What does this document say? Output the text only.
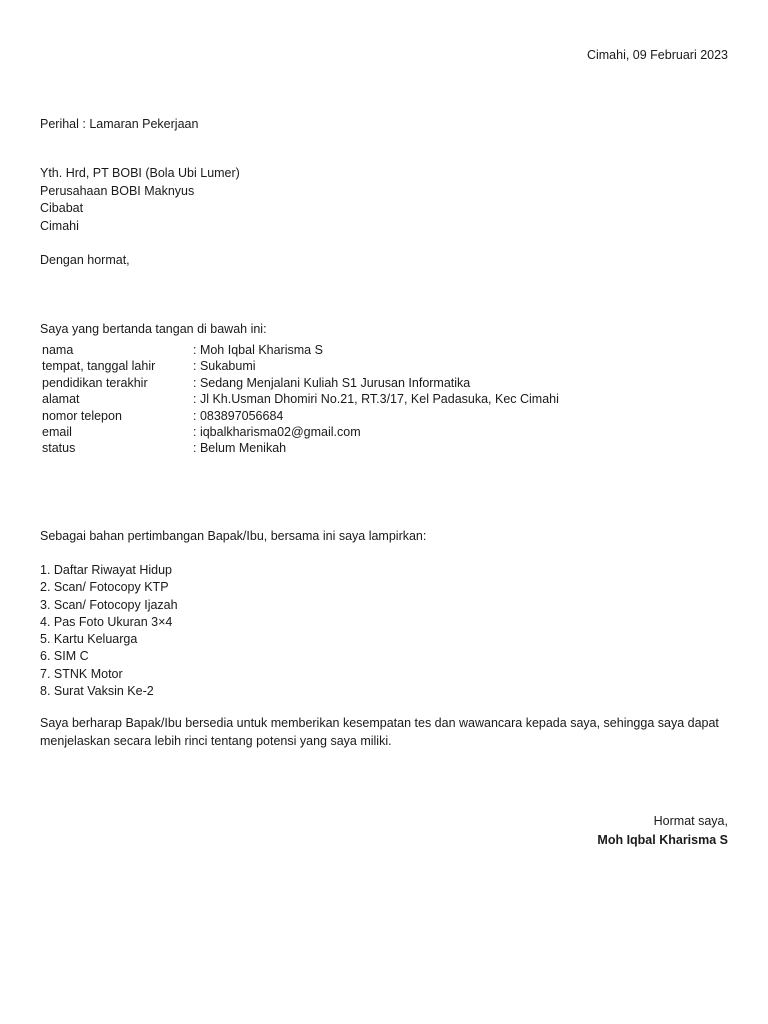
Cimahi, 09 Februari 2023
Perihal : Lamaran Pekerjaan
Yth. Hrd, PT BOBI (Bola Ubi Lumer)
Perusahaan BOBI Maknyus
Cibabat
Cimahi
Dengan hormat,
Saya yang bertanda tangan di bawah ini:
nama	: Moh Iqbal Kharisma S
tempat, tanggal lahir	: Sukabumi
pendidikan terakhir	: Sedang Menjalani Kuliah S1 Jurusan Informatika
alamat	: Jl Kh.Usman Dhomiri No.21, RT.3/17, Kel Padasuka, Kec Cimahi
nomor telepon	: 083897056684
email	: iqbalkharisma02@gmail.com
status	: Belum Menikah
Sebagai bahan pertimbangan Bapak/Ibu, bersama ini saya lampirkan:
1. Daftar Riwayat Hidup
2. Scan/ Fotocopy KTP
3. Scan/ Fotocopy Ijazah
4. Pas Foto Ukuran 3×4
5. Kartu Keluarga
6. SIM C
7. STNK Motor
8. Surat Vaksin Ke-2
Saya berharap Bapak/Ibu bersedia untuk memberikan kesempatan tes dan wawancara kepada saya, sehingga saya dapat menjelaskan secara lebih rinci tentang potensi yang saya miliki.
Hormat saya,
Moh Iqbal Kharisma S
